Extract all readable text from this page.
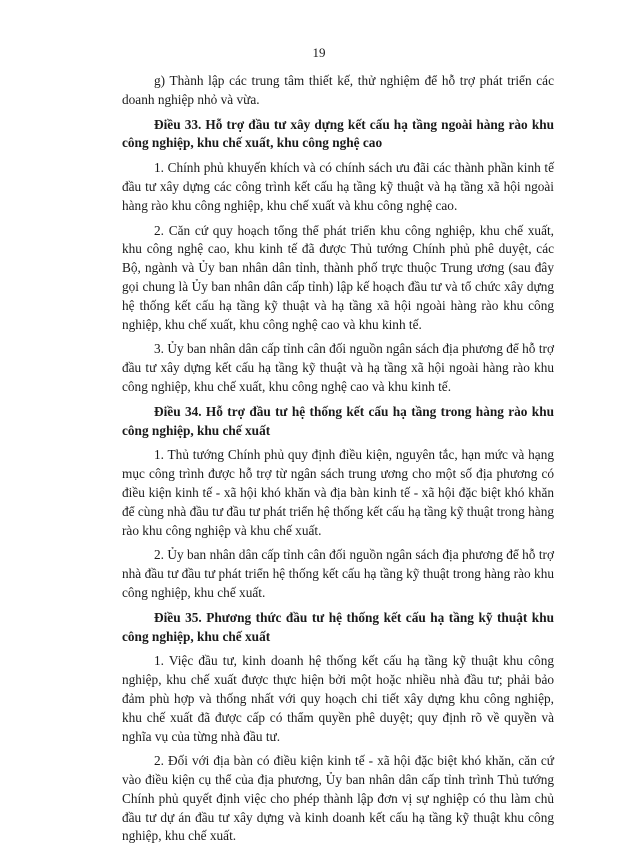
19

g) Thành lập các trung tâm thiết kế, thử nghiệm để hỗ trợ phát triển các doanh nghiệp nhỏ và vừa.

Điều 33. Hỗ trợ đầu tư xây dựng kết cấu hạ tầng ngoài hàng rào khu công nghiệp, khu chế xuất, khu công nghệ cao

1. Chính phủ khuyến khích và có chính sách ưu đãi các thành phần kinh tế đầu tư xây dựng các công trình kết cấu hạ tầng kỹ thuật và hạ tầng xã hội ngoài hàng rào khu công nghiệp, khu chế xuất và khu công nghệ cao.

2. Căn cứ quy hoạch tổng thể phát triển khu công nghiệp, khu chế xuất, khu công nghệ cao, khu kinh tế đã được Thủ tướng Chính phủ phê duyệt, các Bộ, ngành và Ủy ban nhân dân tỉnh, thành phố trực thuộc Trung ương (sau đây gọi chung là Ủy ban nhân dân cấp tỉnh) lập kế hoạch đầu tư và tổ chức xây dựng hệ thống kết cấu hạ tầng kỹ thuật và hạ tầng xã hội ngoài hàng rào khu công nghiệp, khu chế xuất, khu công nghệ cao và khu kinh tế.

3. Ủy ban nhân dân cấp tỉnh cân đối nguồn ngân sách địa phương để hỗ trợ đầu tư xây dựng kết cấu hạ tầng kỹ thuật và hạ tầng xã hội ngoài hàng rào khu công nghiệp, khu chế xuất, khu công nghệ cao và khu kinh tế.

Điều 34. Hỗ trợ đầu tư hệ thống kết cấu hạ tầng trong hàng rào khu công nghiệp, khu chế xuất

1. Thủ tướng Chính phủ quy định điều kiện, nguyên tắc, hạn mức và hạng mục công trình được hỗ trợ từ ngân sách trung ương cho một số địa phương có điều kiện kinh tế - xã hội khó khăn và địa bàn kinh tế - xã hội đặc biệt khó khăn để cùng nhà đầu tư đầu tư phát triển hệ thống kết cấu hạ tầng kỹ thuật trong hàng rào khu công nghiệp và khu chế xuất.

2. Ủy ban nhân dân cấp tỉnh cân đối nguồn ngân sách địa phương để hỗ trợ nhà đầu tư đầu tư phát triển hệ thống kết cấu hạ tầng kỹ thuật trong hàng rào khu công nghiệp, khu chế xuất.

Điều 35. Phương thức đầu tư hệ thống kết cấu hạ tầng kỹ thuật khu công nghiệp, khu chế xuất

1. Việc đầu tư, kinh doanh hệ thống kết cấu hạ tầng kỹ thuật khu công nghiệp, khu chế xuất được thực hiện bởi một hoặc nhiều nhà đầu tư; phải bảo đảm phù hợp và thống nhất với quy hoạch chi tiết xây dựng khu công nghiệp, khu chế xuất đã được cấp có thẩm quyền phê duyệt; quy định rõ về quyền và nghĩa vụ của từng nhà đầu tư.

2. Đối với địa bàn có điều kiện kinh tế - xã hội đặc biệt khó khăn, căn cứ vào điều kiện cụ thể của địa phương, Ủy ban nhân dân cấp tỉnh trình Thủ tướng Chính phủ quyết định việc cho phép thành lập đơn vị sự nghiệp có thu làm chủ đầu tư dự án đầu tư xây dựng và kinh doanh kết cấu hạ tầng kỹ thuật khu công nghiệp, khu chế xuất.
